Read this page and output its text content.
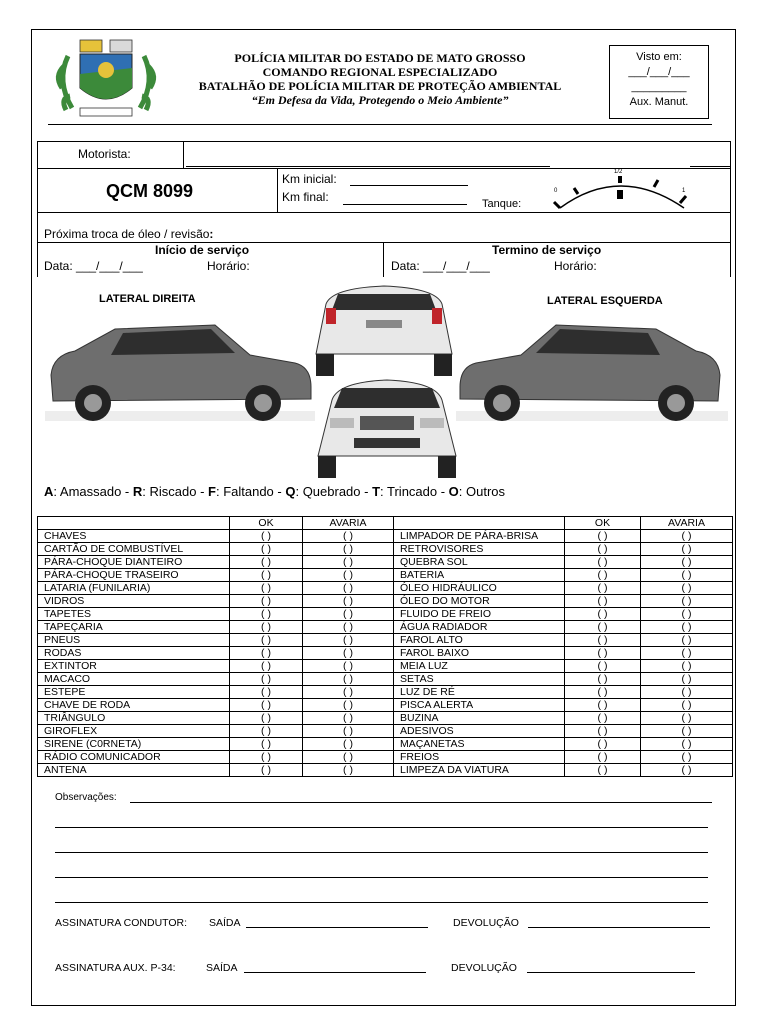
POLÍCIA MILITAR DO ESTADO DE MATO GROSSO
COMANDO REGIONAL ESPECIALIZADO
BATALHÃO DE POLÍCIA MILITAR DE PROTEÇÃO AMBIENTAL
“Em Defesa da Vida, Protegendo o Meio Ambiente”
Visto em:
___/___/___
_________
Aux. Manut.
Motorista:
QCM 8099
Km inicial:
Km final:	Tanque:
0
1/2
1
Próxima troca de óleo / revisão:
Início de serviço	Termino de serviço
Data: ___/___/___	Horário:	Data: ___/___/___	Horário:
LATERAL DIREITA	LATERAL ESQUERDA
A: Amassado - R: Riscado - F: Faltando - Q: Quebrado - T: Trincado - O: Outros
	OK	AVARIA		OK	AVARIA
CHAVES	( )	( )	LIMPADOR DE PÁRA-BRISA	( )	( )
CARTÃO DE COMBUSTÍVEL	( )	( )	RETROVISORES	( )	( )
PÁRA-CHOQUE DIANTEIRO	( )	( )	QUEBRA SOL	( )	( )
PÁRA-CHOQUE TRASEIRO	( )	( )	BATERIA	( )	( )
LATARIA (FUNILARIA)	( )	( )	ÓLEO HIDRÁULICO	( )	( )
VIDROS	( )	( )	ÓLEO DO MOTOR	( )	( )
TAPETES	( )	( )	FLUIDO DE FREIO	( )	( )
TAPEÇARIA	( )	( )	ÁGUA RADIADOR	( )	( )
PNEUS	( )	( )	FAROL ALTO	( )	( )
RODAS	( )	( )	FAROL BAIXO	( )	( )
EXTINTOR	( )	( )	MEIA LUZ	( )	( )
MACACO	( )	( )	SETAS	( )	( )
ESTEPE	( )	( )	LUZ DE RÉ	( )	( )
CHAVE DE RODA	( )	( )	PISCA ALERTA	( )	( )
TRIÂNGULO	( )	( )	BUZINA	( )	( )
GIROFLEX	( )	( )	ADESIVOS	( )	( )
SIRENE (C0RNETA)	( )	( )	MAÇANETAS	( )	( )
RÁDIO COMUNICADOR	( )	( )	FREIOS	( )	( )
ANTENA	( )	( )	LIMPEZA DA VIATURA	( )	( )
Observações:
ASSINATURA CONDUTOR: SAÍDA	DEVOLUÇÃO
ASSINATURA AUX. P-34:	SAÍDA	DEVOLUÇÃO
